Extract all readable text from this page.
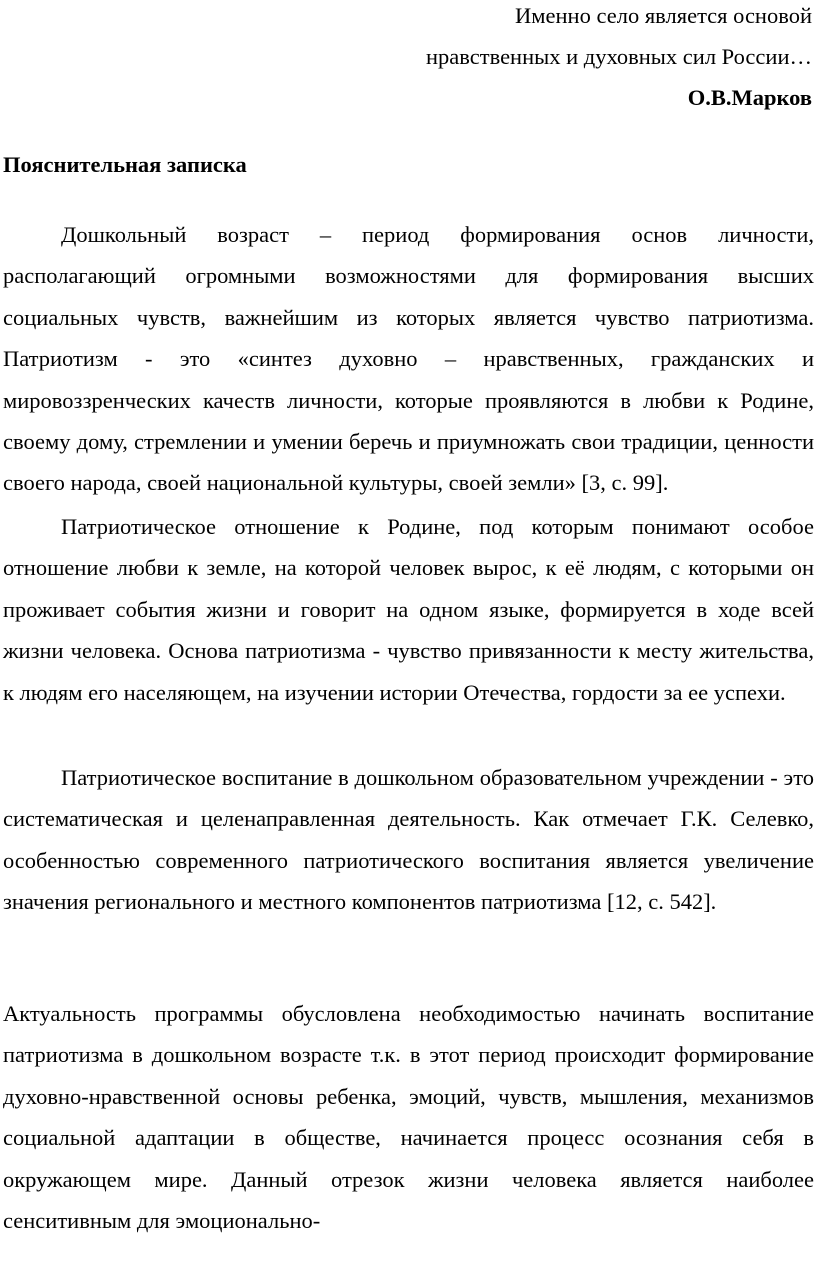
Именно село является основой
нравственных и духовных сил России…
О.В.Марков
Пояснительная записка

Дошкольный возраст – период формирования основ личности, располагающий огромными возможностями для формирования высших социальных чувств, важнейшим из которых является чувство патриотизма. Патриотизм - это «синтез духовно – нравственных, гражданских и мировоззренческих качеств личности, которые проявляются в любви к Родине, своему дому, стремлении и умении беречь и приумножать свои традиции, ценности своего народа, своей национальной культуры, своей земли» [3, с. 99].

Патриотическое отношение к Родине, под которым понимают особое отношение любви к земле, на которой человек вырос, к её людям, с которыми он проживает события жизни и говорит на одном языке, формируется в ходе всей жизни человека. Основа патриотизма - чувство привязанности к месту жительства, к людям его населяющем, на изучении истории Отечества, гордости за ее успехи.

Патриотическое воспитание в дошкольном образовательном учреждении - это систематическая и целенаправленная деятельность. Как отмечает Г.К. Селевко, особенностью современного патриотического воспитания является увеличение значения регионального и местного компонентов патриотизма [12, с. 542].

Актуальность программы обусловлена необходимостью начинать воспитание патриотизма в дошкольном возрасте т.к. в этот период происходит формирование духовно-нравственной основы ребенка, эмоций, чувств, мышления, механизмов социальной адаптации в обществе, начинается процесс осознания себя в окружающем мире. Данный отрезок жизни человека является наиболее сенситивным для эмоционально-
